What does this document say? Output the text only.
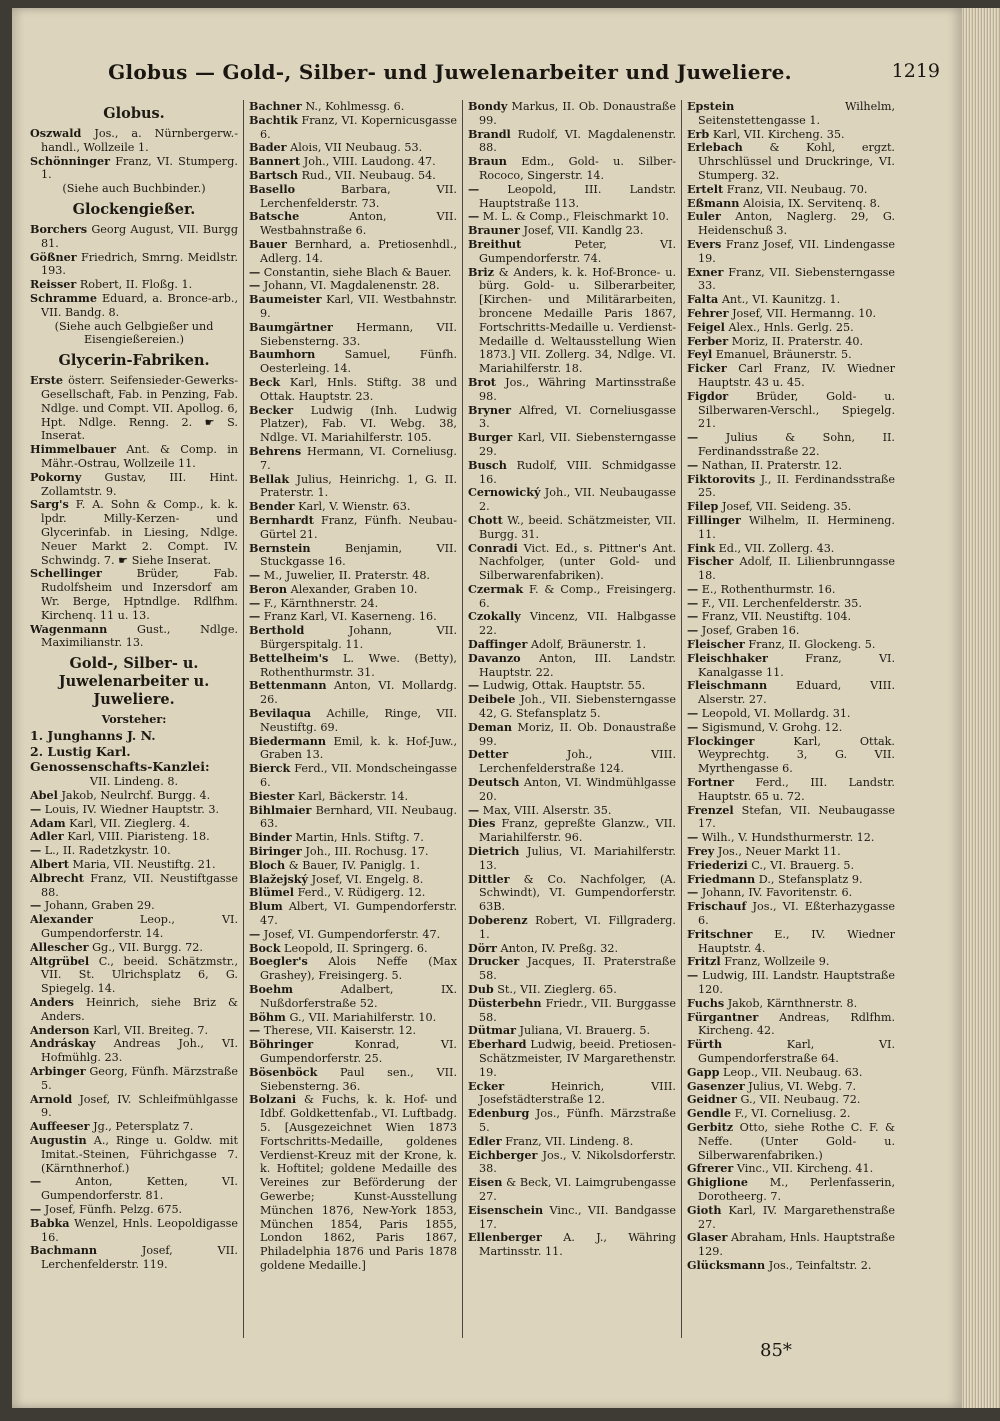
Globus — Gold-, Silber- und Juwelenarbeiter und Juweliere.	1219
Globus.
Oszwald Jos., a. Nürnbergerw.-handl., Wollzeile 1.
Schönninger Franz, VI. Stumperg. 1.
(Siehe auch Buchbinder.)
Glockengießer.
Borchers Georg August, VII. Burgg 81.
Gößner Friedrich, Smrng. Meidlstr. 193.
Reisser Robert, II. Floßg. 1.
Schramme Eduard, a. Bronce-arb., VII. Bandg. 8.
(Siehe auch Gelbgießer und Eisengießereien.)
Glycerin-Fabriken.
Erste österr. Seifensieder-Gewerks-Gesellschaft, Fab. in Penzing, Fab. Ndlge. und Compt. VII. Apollog. 6, Hpt. Ndlge. Renng. 2. ☛ S. Inserat.
Himmelbauer Ant. & Comp. in Mähr.-Ostrau, Wollzeile 11.
Pokorny Gustav, III. Hint. Zollamtstr. 9.
Sarg's F. A. Sohn & Comp., k. k. lpdr. Milly-Kerzen- und Glycerinfab. in Liesing, Ndlge. Neuer Markt 2. Compt. IV. Schwindg. 7. ☛ Siehe Inserat.
Schellinger	Brüder, Fab. Rudolfsheim und Inzersdorf am Wr. Berge, Hptndlge. Rdlfhm. Kirchenq. 11 u. 13.
Wagenmann	Gust., Ndlge. Maximilianstr. 13.
Gold-, Silber- u. Juwelenarbeiter u. Juweliere.
Vorsteher:
1. Junghanns J. N.
2. Lustig Karl.
Genossenschafts-Kanzlei:
VII. Lindeng. 8.
Abel Jakob, Neulrchf. Burgg. 4.
— Louis, IV. Wiedner Hauptstr. 3.
Adam Karl, VII. Zieglerg. 4.
Adler Karl, VIII. Piaristeng. 18.
— L., II. Radetzkystr. 10.
Albert Maria, VII. Neustiftg. 21.
Albrecht Franz, VII. Neustiftgasse 88.
— Johann, Graben 29.
Alexander	Leop., VI. Gumpendorferstr. 14.
Allescher Gg., VII. Burgg. 72.
Altgrübel C., beeid. Schätzmstr., VII. St. Ulrichsplatz 6, G. Spiegelg. 14.
Anders Heinrich, siehe Briz & Anders.
Anderson Karl, VII. Breiteg. 7.
Andráskay Andreas Joh., VI. Hofmühlg. 23.
Arbinger Georg, Fünfh. Märzstraße 5.
Arnold Josef, IV. Schleifmühlgasse 9.
Auffeeser Jg., Petersplatz 7.
Augustin A., Ringe u. Goldw. mit Imitat.-Steinen, Führichgasse 7. (Kärnthnerhof.)
—	Anton, Ketten, VI. Gumpendorferstr. 81.
— Josef, Fünfh. Pelzg. 675.
Babka Wenzel, Hnls. Leopoldigasse 16.
Bachmann	Josef, VII. Lerchenfelderstr. 119.
Bachner N., Kohlmessg. 6.
Bachtik Franz, VI. Kopernicusgasse 6.
Bader Alois, VII Neubaug. 53.
Bannert Joh., VIII. Laudong. 47.
Bartsch Rud., VII. Neubaug. 54.
Basello	Barbara, VII. Lerchenfelderstr. 73.
Batsche	Anton, VII. Westbahnstraße 6.
Bauer Bernhard, a. Pretiosenhdl., Adlerg. 14.
— Constantin, siehe Blach & Bauer.
— Johann, VI. Magdalenenstr. 28.
Baumeister Karl, VII. Westbahnstr. 9.
Baumgärtner Hermann, VII. Siebensterng. 33.
Baumhorn	Samuel, Fünfh. Oesterleing. 14.
Beck Karl, Hnls. Stiftg. 38 und Ottak. Hauptstr. 23.
Becker Ludwig (Inh. Ludwig Platzer), Fab. VI. Webg. 38, Ndlge. VI. Mariahilferstr. 105.
Behrens Hermann, VI. Corneliusg. 7.
Bellak Julius, Heinrichg. 1, G. II. Praterstr. 1.
Bender Karl, V. Wienstr. 63.
Bernhardt Franz, Fünfh. Neubau-Gürtel 21.
Bernstein	Benjamin, VII. Stuckgasse 16.
— M., Juwelier, II. Praterstr. 48.
Beron Alexander, Graben 10.
— F., Kärnthnerstr. 24.
— Franz Karl, VI. Kaserneng. 16.
Berthold	Johann, VII. Bürgerspitalg. 11.
Bettelheim's L. Wwe. (Betty), Rothenthurmstr. 31.
Bettenmann Anton, VI. Mollardg. 26.
Bevilaqua Achille, Ringe, VII. Neustiftg. 69.
Biedermann Emil, k. k. Hof-Juw., Graben 13.
Bierck Ferd., VII. Mondscheingasse 6.
Biester Karl, Bäckerstr. 14.
Bihlmaier Bernhard, VII. Neubaug. 63.
Binder Martin, Hnls. Stiftg. 7.
Biringer Joh., III. Rochusg. 17.
Bloch & Bauer, IV. Paniglg. 1.
Blažejský Josef, VI. Engelg. 8.
Blümel Ferd., V. Rüdigerg. 12.
Blum Albert, VI. Gumpendorferstr. 47.
— Josef, VI. Gumpendorferstr. 47.
Bock Leopold, II. Springerg. 6.
Boegler's Alois Neffe (Max Grashey), Freisingerg. 5.
Boehm	Adalbert, IX. Nußdorferstraße 52.
Böhm G., VII. Mariahilferstr. 10.
— Therese, VII. Kaiserstr. 12.
Böhringer	Konrad, VI. Gumpendorferstr. 25.
Bösenböck Paul sen., VII. Siebensterng. 36.
Bolzani & Fuchs, k. k. Hof- und Idbf. Goldkettenfab., VI. Luftbadg. 5. [Ausgezeichnet Wien 1873 Fortschritts-Medaille, goldenes Verdienst-Kreuz mit der Krone, k. k. Hoftitel; goldene Medaille des Vereines zur Beförderung der Gewerbe; Kunst-Ausstellung München 1876, New-York 1853, München 1854, Paris 1855, London 1862, Paris 1867, Philadelphia 1876 und Paris 1878 goldene Medaille.]
Bondy Markus, II. Ob. Donaustraße 99.
Brandl Rudolf, VI. Magdalenenstr. 88.
Braun Edm., Gold- u. Silber-Rococo, Singerstr. 14.
—	Leopold, III. Landstr. Hauptstraße 113.
— M. L. & Comp., Fleischmarkt 10.
Brauner Josef, VII. Kandlg 23.
Breithut	Peter, VI. Gumpendorferstr. 74.
Briz & Anders, k. k. Hof-Bronce- u. bürg. Gold- u. Silberarbeiter, [Kirchen- und Militärarbeiten, broncene Medaille Paris 1867, Fortschritts-Medaille u. Verdienst-Medaille d. Weltausstellung Wien 1873.] VII. Zollerg. 34, Ndlge. VI. Mariahilferstr. 18.
Brot Jos., Währing Martinsstraße 98.
Bryner Alfred, VI. Corneliusgasse 3.
Burger Karl, VII. Siebensterngasse 29.
Busch Rudolf, VIII. Schmidgasse 16.
Cernowický Joh., VII. Neubaugasse 2.
Chott W., beeid. Schätzmeister, VII. Burgg. 31.
Conradi Vict. Ed., s. Pittner's Ant. Nachfolger, (unter Gold- und Silberwarenfabriken).
Czermak F. & Comp., Freisingerg. 6.
Czokally Vincenz, VII. Halbgasse 22.
Daffinger Adolf, Bräunerstr. 1.
Davanzo Anton, III. Landstr. Hauptstr. 22.
— Ludwig, Ottak. Hauptstr. 55.
Deibele Joh., VII. Siebensterngasse 42, G. Stefansplatz 5.
Deman Moriz, II. Ob. Donaustraße 99.
Detter	Joh., VIII. Lerchenfelderstraße 124.
Deutsch Anton, VI. Windmühlgasse 20.
— Max, VIII. Alserstr. 35.
Dies Franz, gepreßte Glanzw., VII. Mariahilferstr. 96.
Dietrich Julius, VI. Mariahilferstr. 13.
Dittler & Co. Nachfolger, (A. Schwindt), VI. Gumpendorferstr. 63B.
Doberenz Robert, VI. Fillgraderg. 1.
Dörr Anton, IV. Preßg. 32.
Drucker Jacques, II. Praterstraße 58.
Dub St., VII. Zieglerg. 65.
Düsterbehn Friedr., VII. Burggasse 58.
Dütmar Juliana, VI. Brauerg. 5.
Eberhard Ludwig, beeid. Pretiosen-Schätzmeister, IV Margarethenstr. 19.
Ecker	Heinrich, VIII. Josefstädterstraße 12.
Edenburg Jos., Fünfh. Märzstraße 5.
Edler Franz, VII. Lindeng. 8.
Eichberger Jos., V. Nikolsdorferstr. 38.
Eisen & Beck, VI. Laimgrubengasse 27.
Eisenschein Vinc., VII. Bandgasse 17.
Ellenberger A. J., Währing Martinsstr. 11.
Epstein	Wilhelm, Seitenstettengasse 1.
Erb Karl, VII. Kircheng. 35.
Erlebach & Kohl, ergzt. Uhrschlüssel und Druckringe, VI. Stumperg. 32.
Ertelt Franz, VII. Neubaug. 70.
Eßmann Aloisia, IX. Servitenq. 8.
Euler Anton, Naglerg. 29, G. Heidenschuß 3.
Evers Franz Josef, VII. Lindengasse 19.
Exner Franz, VII. Siebensterngasse 33.
Falta Ant., VI. Kaunitzg. 1.
Fehrer Josef, VII. Hermanng. 10.
Feigel Alex., Hnls. Gerlg. 25.
Ferber Moriz, II. Praterstr. 40.
Feyl Emanuel, Bräunerstr. 5.
Ficker Carl Franz, IV. Wiedner Hauptstr. 43 u. 45.
Figdor Brüder, Gold- u. Silberwaren-Verschl., Spiegelg. 21.
— Julius & Sohn, II. Ferdinandsstraße 22.
— Nathan, II. Praterstr. 12.
Fiktorovits J., II. Ferdinandsstraße 25.
Filep Josef, VII. Seideng. 35.
Fillinger Wilhelm, II. Hermineng. 11.
Fink Ed., VII. Zollerg. 43.
Fischer Adolf, II. Lilienbrunngasse 18.
— E., Rothenthurmstr. 16.
— F., VII. Lerchenfelderstr. 35.
— Franz, VII. Neustiftg. 104.
— Josef, Graben 16.
Fleischer Franz, II. Glockeng. 5.
Fleischhaker	Franz, VI. Kanalgasse 11.
Fleischmann	Eduard, VIII. Alserstr. 27.
— Leopold, VI. Mollardg. 31.
— Sigismund, V. Grohg. 12.
Flockinger	Karl, Ottak. Weyprechtg. 3, G. VII. Myrthengasse 6.
Fortner Ferd., III. Landstr. Hauptstr. 65 u. 72.
Frenzel Stefan, VII. Neubaugasse 17.
— Wilh., V. Hundsthurmerstr. 12.
Frey Jos., Neuer Markt 11.
Friederizi C., VI. Brauerg. 5.
Friedmann D., Stefansplatz 9.
— Johann, IV. Favoritenstr. 6.
Frischauf Jos., VI. Eßterhazygasse 6.
Fritschner E., IV. Wiedner Hauptstr. 4.
Fritzl Franz, Wollzeile 9.
— Ludwig, III. Landstr. Hauptstraße 120.
Fuchs Jakob, Kärnthnerstr. 8.
Fürgantner Andreas, Rdlfhm. Kircheng. 42.
Fürth	Karl, VI. Gumpendorferstraße 64.
Gapp Leop., VII. Neubaug. 63.
Gasenzer Julius, VI. Webg. 7.
Geidner G., VII. Neubaug. 72.
Gendle F., VI. Corneliusg. 2.
Gerbitz Otto, siehe Rothe C. F. & Neffe. (Unter Gold- u. Silberwarenfabriken.)
Gfrerer Vinc., VII. Kircheng. 41.
Ghiglione M., Perlenfasserin, Dorotheerg. 7.
Gioth Karl, IV. Margarethenstraße 27.
Glaser Abraham, Hnls. Hauptstraße 129.
Glücksmann Jos., Teinfaltstr. 2.
85*
